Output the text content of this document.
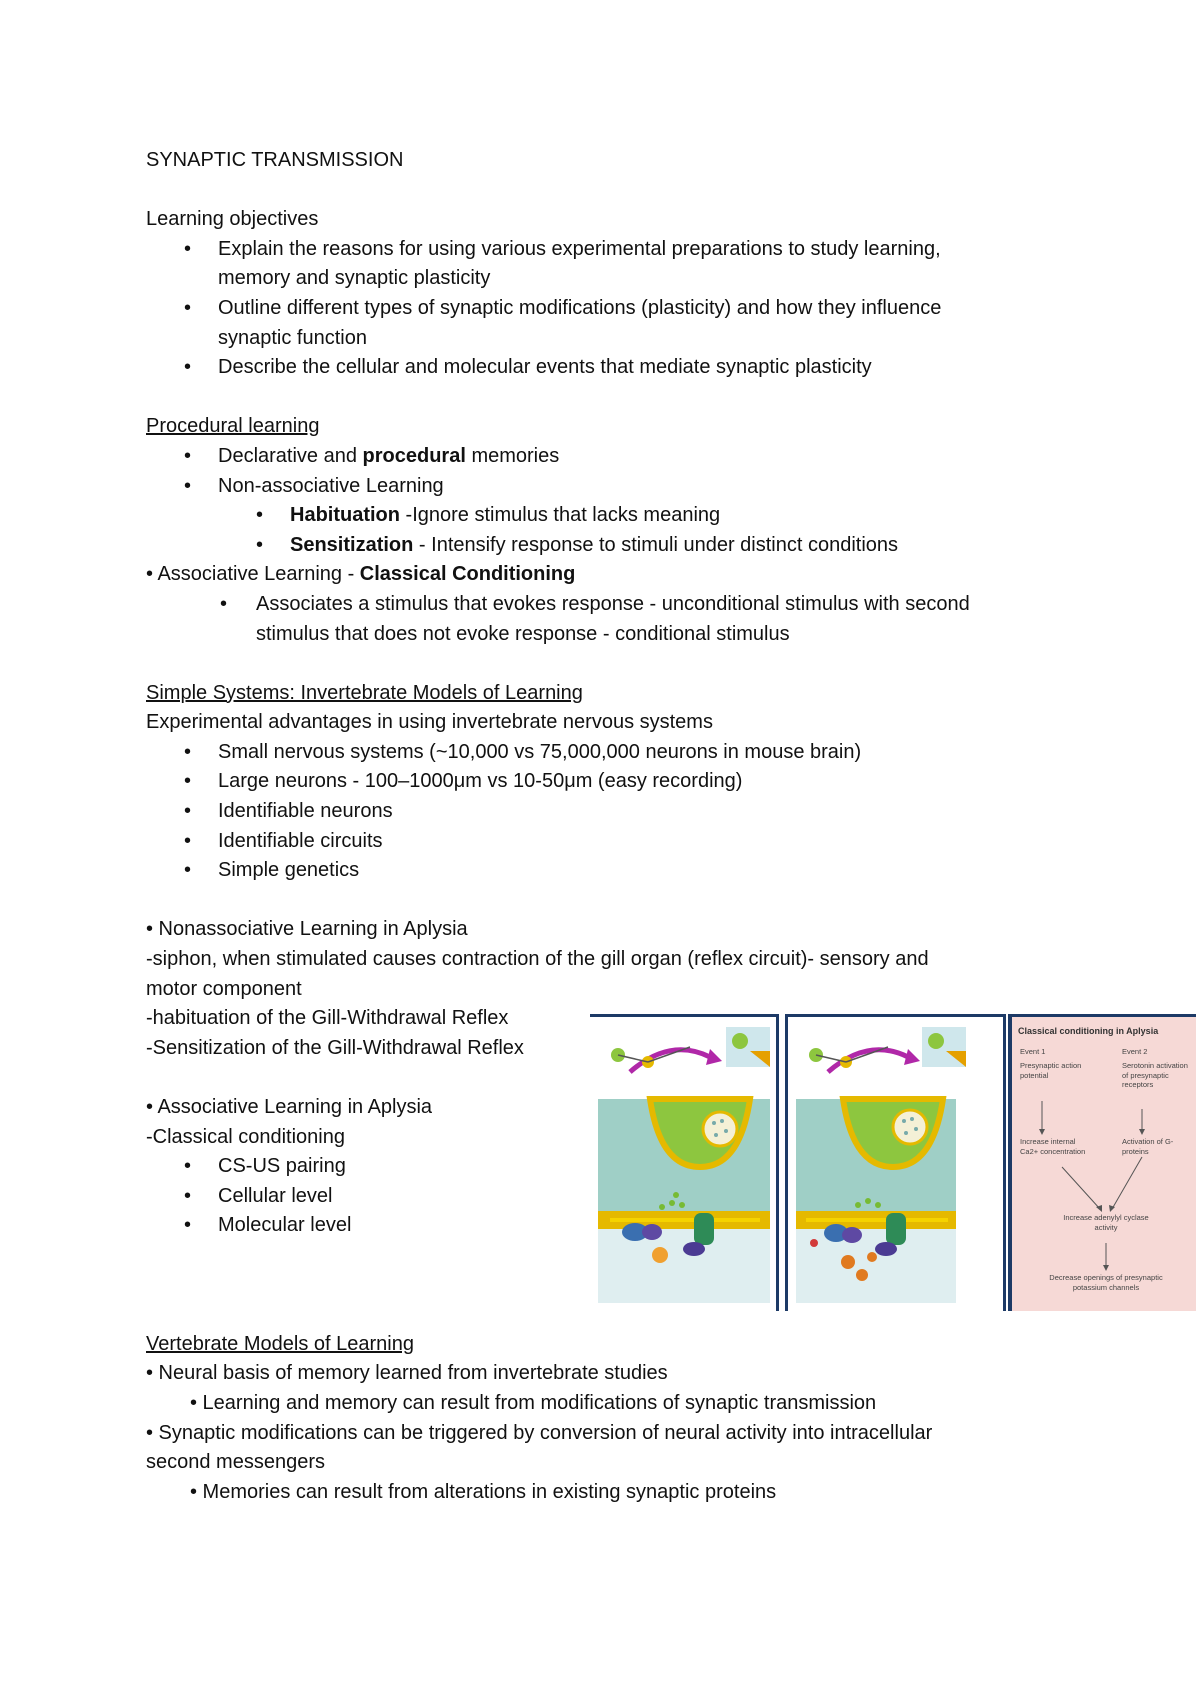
SYNAPTIC TRANSMISSION
Learning objectives
• Explain the reasons for using various experimental preparations to study learning,
memory and synaptic plasticity
• Outline different types of synaptic modifications (plasticity) and how they influence
synaptic function
• Describe the cellular and molecular events that mediate synaptic plasticity
Procedural learning
• Declarative and procedural memories
• Non-associative Learning
• Habituation -Ignore stimulus that lacks meaning
• Sensitization - Intensify response to stimuli under distinct conditions
• Associative Learning - Classical Conditioning
• Associates a stimulus that evokes response - unconditional stimulus with second
stimulus that does not evoke response - conditional stimulus
Simple Systems: Invertebrate Models of Learning
Experimental advantages in using invertebrate nervous systems
• Small nervous systems (~10,000 vs 75,000,000 neurons in mouse brain)
• Large neurons - 100–1000μm vs 10-50μm (easy recording)
• Identifiable neurons
• Identifiable circuits
• Simple genetics
• Nonassociative Learning in Aplysia
-siphon, when stimulated causes contraction of the gill organ (reflex circuit)- sensory and
motor component
-habituation of the Gill-Withdrawal Reflex
-Sensitization of the Gill-Withdrawal Reflex
• Associative Learning in Aplysia
-Classical conditioning
• CS-US pairing
• Cellular level
• Molecular level
Vertebrate Models of Learning
• Neural basis of memory learned from invertebrate studies
• Learning and memory can result from modifications of synaptic transmission
• Synaptic modifications can be triggered by conversion of neural activity into intracellular
second messengers
• Memories can result from alterations in existing synaptic proteins
Classical conditioning in Aplysia
Event 1	Event 2
Presynaptic action potential
Serotonin activation of presynaptic receptors
Increase internal Ca2+ concentration
Activation of G-proteins
Increase adenylyl cyclase activity
Decrease openings of presynaptic potassium channels
